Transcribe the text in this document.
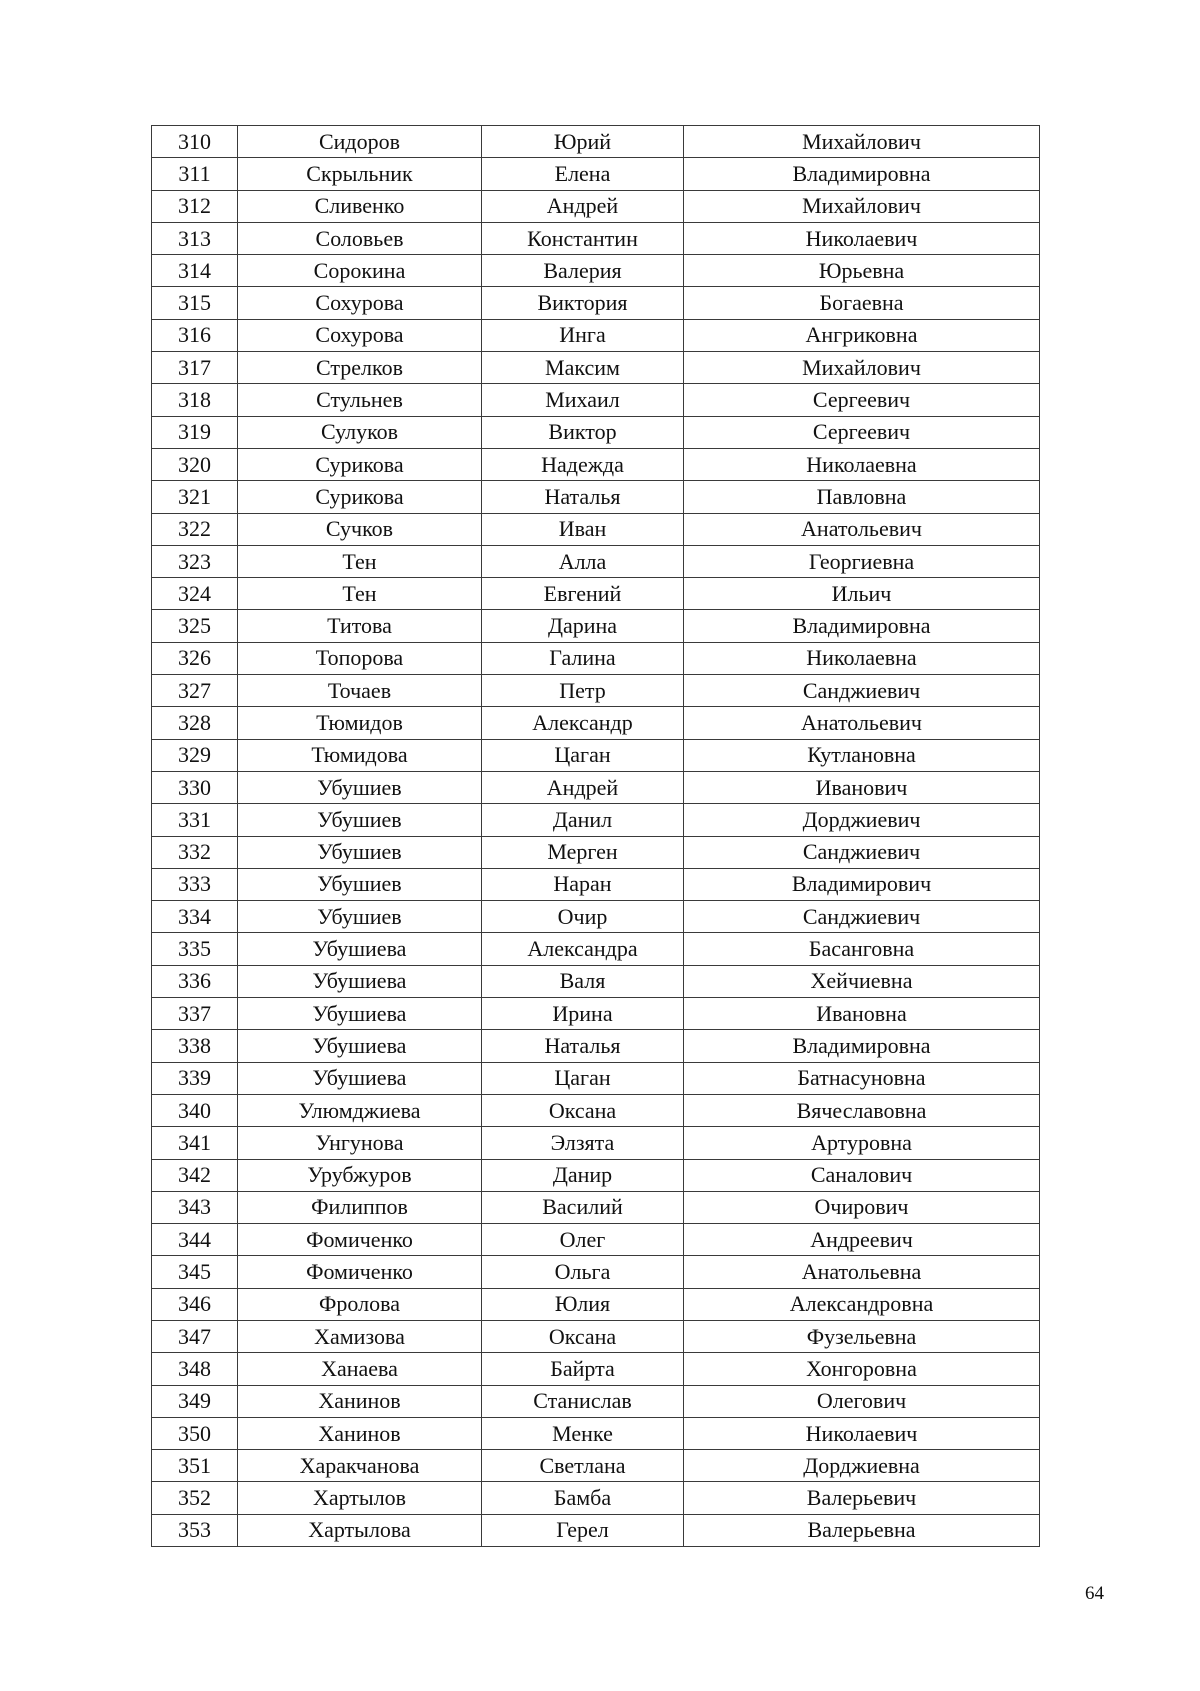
310	Сидоров	Юрий	Михайлович
311	Скрыльник	Елена	Владимировна
312	Сливенко	Андрей	Михайлович
313	Соловьев	Константин	Николаевич
314	Сорокина	Валерия	Юрьевна
315	Сохурова	Виктория	Богаевна
316	Сохурова	Инга	Ангриковна
317	Стрелков	Максим	Михайлович
318	Стульнев	Михаил	Сергеевич
319	Сулуков	Виктор	Сергеевич
320	Сурикова	Надежда	Николаевна
321	Сурикова	Наталья	Павловна
322	Сучков	Иван	Анатольевич
323	Тен	Алла	Георгиевна
324	Тен	Евгений	Ильич
325	Титова	Дарина	Владимировна
326	Топорова	Галина	Николаевна
327	Точаев	Петр	Санджиевич
328	Тюмидов	Александр	Анатольевич
329	Тюмидова	Цаган	Кутлановна
330	Убушиев	Андрей	Иванович
331	Убушиев	Данил	Дорджиевич
332	Убушиев	Мерген	Санджиевич
333	Убушиев	Наран	Владимирович
334	Убушиев	Очир	Санджиевич
335	Убушиева	Александра	Басанговна
336	Убушиева	Валя	Хейчиевна
337	Убушиева	Ирина	Ивановна
338	Убушиева	Наталья	Владимировна
339	Убушиева	Цаган	Батнасуновна
340	Улюмджиева	Оксана	Вячеславовна
341	Унгунова	Элзята	Артуровна
342	Урубжуров	Данир	Саналович
343	Филиппов	Василий	Очирович
344	Фомиченко	Олег	Андреевич
345	Фомиченко	Ольга	Анатольевна
346	Фролова	Юлия	Александровна
347	Хамизова	Оксана	Фузельевна
348	Ханаева	Байрта	Хонгоровна
349	Ханинов	Станислав	Олегович
350	Ханинов	Менке	Николаевич
351	Харакчанова	Светлана	Дорджиевна
352	Хартылов	Бамба	Валерьевич
353	Хартылова	Герел	Валерьевна
64
